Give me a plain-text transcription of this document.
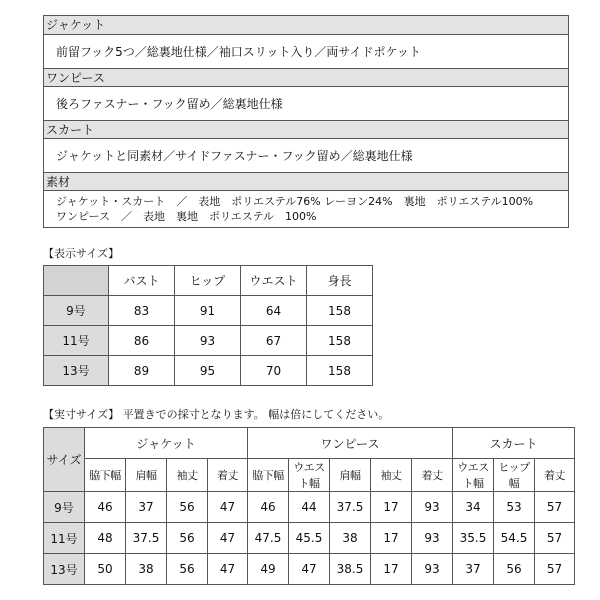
ジャケット
前留フック5つ／総裏地仕様／袖口スリット入り／両サイドポケット
ワンピース
後ろファスナー・フック留め／総裏地仕様
スカート
ジャケットと同素材／サイドファスナー・フック留め／総裏地仕様
素材
ジャケット・スカート　／　表地　ポリエステル76% レーヨン24%　裏地　ポリエステル100%
ワンピース　／　表地　裏地　ポリエステル　100%
【表示サイズ】
	バスト	ヒップ	ウエスト	身長
9号	83	91	64	158
11号	86	93	67	158
13号	89	95	70	158
【実寸サイズ】 平置きでの採寸となります。 幅は倍にしてください。
サイズ	ジャケット				ワンピース					スカート		
	脇下幅	肩幅	袖丈	着丈	脇下幅	ウエスト幅	肩幅	袖丈	着丈	ウエスト幅	ヒップ幅	着丈
9号	46	37	56	47	46	44	37.5	17	93	34	53	57
11号	48	37.5	56	47	47.5	45.5	38	17	93	35.5	54.5	57
13号	50	38	56	47	49	47	38.5	17	93	37	56	57
